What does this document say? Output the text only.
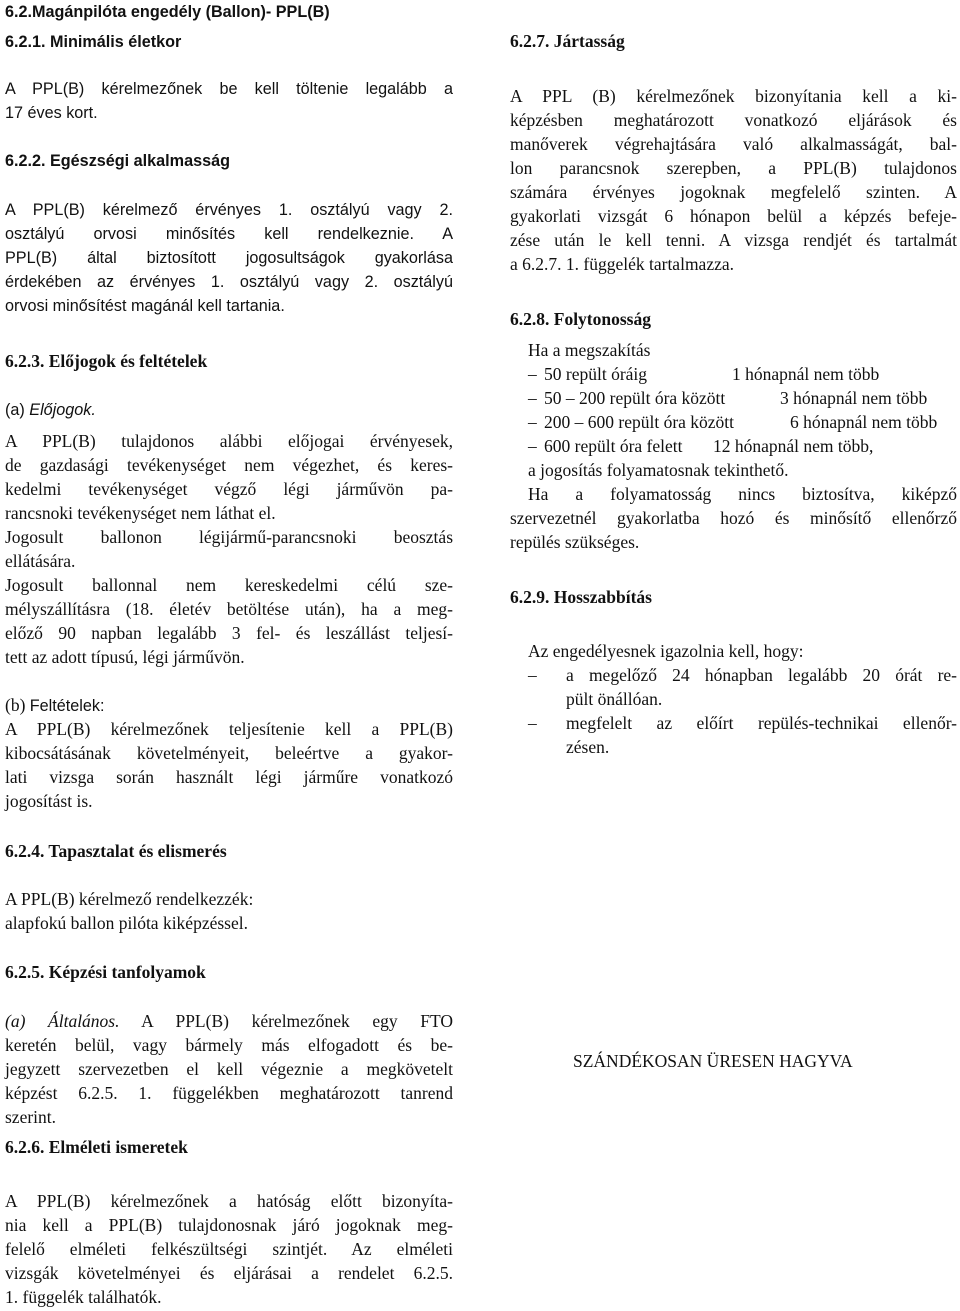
6.2.Magánpilóta engedély (Ballon)- PPL(B)
6.2.1. Minimális életkor
A PPL(B) kérelmezőnek be kell töltenie legalább a
17 éves kort.
6.2.2. Egészségi alkalmasság
A PPL(B) kérelmező érvényes 1. osztályú vagy 2.
osztályú orvosi minősítés kell rendelkeznie. A
PPL(B) által biztosított jogosultságok gyakorlása
érdekében az érvényes 1. osztályú vagy 2. osztályú
orvosi minősítést magánál kell tartania.
6.2.3. Előjogok és feltételek
(a) Előjogok.
A PPL(B) tulajdonos alábbi előjogai érvényesek,
de gazdasági tevékenységet nem végezhet, és keres-
kedelmi tevékenységet végző légi járművön pa-
rancsnoki tevékenységet nem láthat el.
Jogosult ballonon légijármű-parancsnoki beosztás
ellátására.
Jogosult ballonnal nem kereskedelmi célú sze-
mélyszállításra (18. életév betöltése után), ha a meg-
előző 90 napban legalább 3 fel- és leszállást teljesí-
tett az adott típusú, légi járművön.
(b) Feltételek:
A PPL(B) kérelmezőnek teljesítenie kell a PPL(B)
kibocsátásának követelményeit, beleértve a gyakor-
lati vizsga során használt légi járműre vonatkozó
jogosítást is.
6.2.4. Tapasztalat és elismerés
A PPL(B) kérelmező rendelkezzék:
alapfokú ballon pilóta kiképzéssel.
6.2.5. Képzési tanfolyamok
(a) Általános. A PPL(B) kérelmezőnek egy FTO
keretén belül, vagy bármely más elfogadott és be-
jegyzett szervezetben el kell végeznie a megkövetelt
képzést 6.2.5. 1. függelékben meghatározott tanrend
szerint.
6.2.6. Elméleti ismeretek
A PPL(B) kérelmezőnek a hatóság előtt bizonyíta-
nia kell a PPL(B) tulajdonosnak járó jogoknak meg-
felelő elméleti felkészültségi szintjét. Az elméleti
vizsgák követelményei és eljárásai a rendelet 6.2.5.
1. függelék találhatók.
6.2.7. Jártasság
A PPL (B) kérelmezőnek bizonyítania kell a ki-
képzésben meghatározott vonatkozó eljárások és
manőverek végrehajtására való alkalmasságát, bal-
lon parancsnok szerepben, a PPL(B) tulajdonos
számára érvényes jogoknak megfelelő szinten. A
gyakorlati vizsgát 6 hónapon belül a képzés befeje-
zése után le kell tenni. A vizsga rendjét és tartalmát
a 6.2.7. 1. függelék tartalmazza.
6.2.8. Folytonosság
Ha a megszakítás
– 50 repült óráig	1 hónapnál nem több
– 50 – 200 repült óra között	3 hónapnál nem több
– 200 – 600 repült óra között	6 hónapnál nem több
– 600 repült óra felett 12 hónapnál nem több,
a jogosítás folyamatosnak tekinthető.
Ha a folyamatosság nincs biztosítva, kiképző
szervezetnél gyakorlatba hozó és minősítő ellenőrző
repülés szükséges.
6.2.9. Hosszabbítás
Az engedélyesnek igazolnia kell, hogy:
– a megelőző 24 hónapban legalább 20 órát re-
pült önállóan.
– megfelelt az előírt repülés-technikai ellenőr-
zésen.
SZÁNDÉKOSAN ÜRESEN HAGYVA
